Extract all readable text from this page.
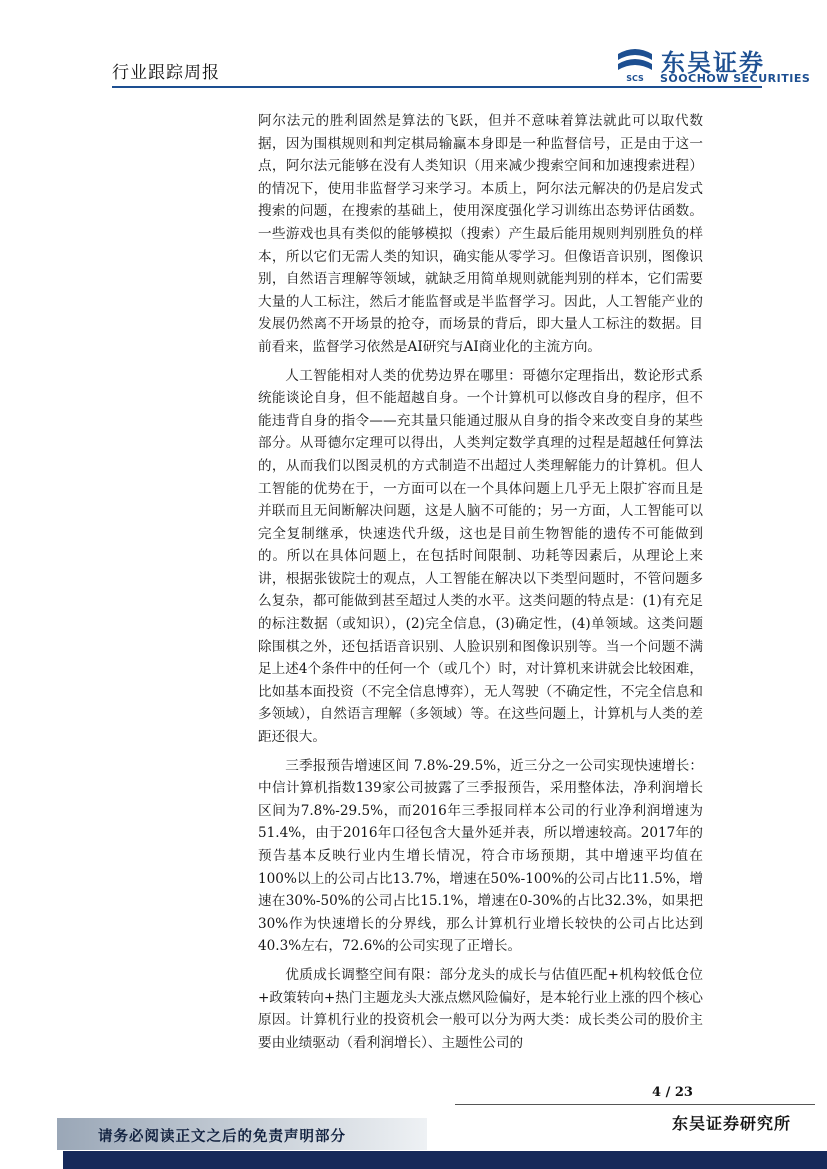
行业跟踪周报	SCS
东吴证券
SOOCHOW SECURITIES

阿尔法元的胜利固然是算法的飞跃，但并不意味着算法就此可以取代数据，因为围棋规则和判定棋局输赢本身即是一种监督信号，正是由于这一点，阿尔法元能够在没有人类知识（用来减少搜索空间和加速搜索进程）的情况下，使用非监督学习来学习。本质上，阿尔法元解决的仍是启发式搜索的问题，在搜索的基础上，使用深度强化学习训练出态势评估函数。一些游戏也具有类似的能够模拟（搜索）产生最后能用规则判别胜负的样本，所以它们无需人类的知识，确实能从零学习。但像语音识别，图像识别，自然语言理解等领域，就缺乏用简单规则就能判别的样本，它们需要大量的人工标注，然后才能监督或是半监督学习。因此，人工智能产业的发展仍然离不开场景的抢夺，而场景的背后，即大量人工标注的数据。目前看来，监督学习依然是AI研究与AI商业化的主流方向。

人工智能相对人类的优势边界在哪里：哥德尔定理指出，数论形式系统能谈论自身，但不能超越自身。一个计算机可以修改自身的程序，但不能违背自身的指令——充其量只能通过服从自身的指令来改变自身的某些部分。从哥德尔定理可以得出，人类判定数学真理的过程是超越任何算法的，从而我们以图灵机的方式制造不出超过人类理解能力的计算机。但人工智能的优势在于，一方面可以在一个具体问题上几乎无上限扩容而且是并联而且无间断解决问题，这是人脑不可能的；另一方面，人工智能可以完全复制继承，快速迭代升级，这也是目前生物智能的遗传不可能做到的。所以在具体问题上，在包括时间限制、功耗等因素后，从理论上来讲，根据张钹院士的观点，人工智能在解决以下类型问题时，不管问题多么复杂，都可能做到甚至超过人类的水平。这类问题的特点是：(1)有充足的标注数据（或知识），(2)完全信息，(3)确定性，(4)单领域。这类问题除围棋之外，还包括语音识别、人脸识别和图像识别等。当一个问题不满足上述4个条件中的任何一个（或几个）时，对计算机来讲就会比较困难，比如基本面投资（不完全信息博弈），无人驾驶（不确定性，不完全信息和多领域），自然语言理解（多领域）等。在这些问题上，计算机与人类的差距还很大。

三季报预告增速区间 7.8%-29.5%，近三分之一公司实现快速增长：中信计算机指数139家公司披露了三季报预告，采用整体法，净利润增长区间为7.8%-29.5%，而2016年三季报同样本公司的行业净利润增速为51.4%，由于2016年口径包含大量外延并表，所以增速较高。2017年的预告基本反映行业内生增长情况，符合市场预期，其中增速平均值在100%以上的公司占比13.7%，增速在50%-100%的公司占比11.5%，增速在30%-50%的公司占比15.1%，增速在0-30%的占比32.3%，如果把30%作为快速增长的分界线，那么计算机行业增长较快的公司占比达到40.3%左右，72.6%的公司实现了正增长。

优质成长调整空间有限：部分龙头的成长与估值匹配+机构较低仓位+政策转向+热门主题龙头大涨点燃风险偏好，是本轮行业上涨的四个核心原因。计算机行业的投资机会一般可以分为两大类：成长类公司的股价主要由业绩驱动（看利润增长）、主题性公司的

4 / 23
东吴证券研究所
请务必阅读正文之后的免责声明部分
